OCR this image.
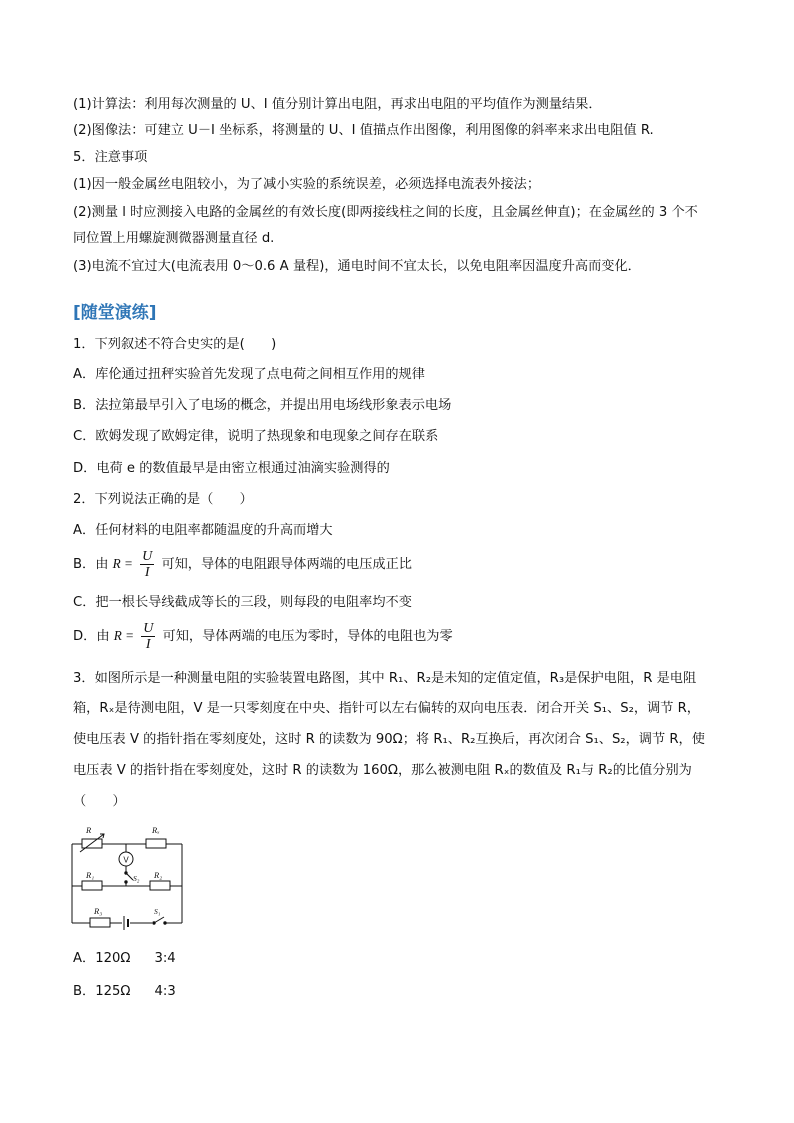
(1)计算法：利用每次测量的 U、I 值分别计算出电阻，再求出电阻的平均值作为测量结果．
(2)图像法：可建立 U－I 坐标系，将测量的 U、I 值描点作出图像，利用图像的斜率来求出电阻值 R.
5．注意事项
(1)因一般金属丝电阻较小，为了减小实验的系统误差，必须选择电流表外接法；
(2)测量 l 时应测接入电路的金属丝的有效长度(即两接线柱之间的长度，且金属丝伸直)；在金属丝的 3 个不
同位置上用螺旋测微器测量直径 d.
(3)电流不宜过大(电流表用 0～0.6 A 量程)，通电时间不宜太长，以免电阻率因温度升高而变化．
[随堂演练]
1．下列叙述不符合史实的是(　　)
A．库伦通过扭秤实验首先发现了点电荷之间相互作用的规律
B．法拉第最早引入了电场的概念，并提出用电场线形象表示电场
C．欧姆发现了欧姆定律，说明了热现象和电现象之间存在联系
D．电荷 e 的数值最早是由密立根通过油滴实验测得的
2．下列说法正确的是（　　）
A．任何材料的电阻率都随温度的升高而增大
B．由 $R = \frac{U}{I}$ 可知，导体的电阻跟导体两端的电压成正比
C．把一根长导线截成等长的三段，则每段的电阻率均不变
D．由 $R = \frac{U}{I}$ 可知，导体两端的电压为零时，导体的电阻也为零
3．如图所示是一种测量电阻的实验装置电路图，其中 R₁、R₂是未知的定值定值，R₃是保护电阻，R 是电阻
箱，Rₓ是待测电阻，V 是一只零刻度在中央、指针可以左右偏转的双向电压表．闭合开关 S₁、S₂，调节 R，
使电压表 V 的指针指在零刻度处，这时 R 的读数为 90Ω；将 R₁、R₂互换后，再次闭合 S₁、S₂，调节 R，使
电压表 V 的指针指在零刻度处，这时 R 的读数为 160Ω，那么被测电阻 Rₓ的数值及 R₁与 R₂的比值分别为
（　　）
R	Rₓ
R₁	R₂
S₂
R₃	S₁
V
A．120Ω 3:4
B．125Ω 4:3
